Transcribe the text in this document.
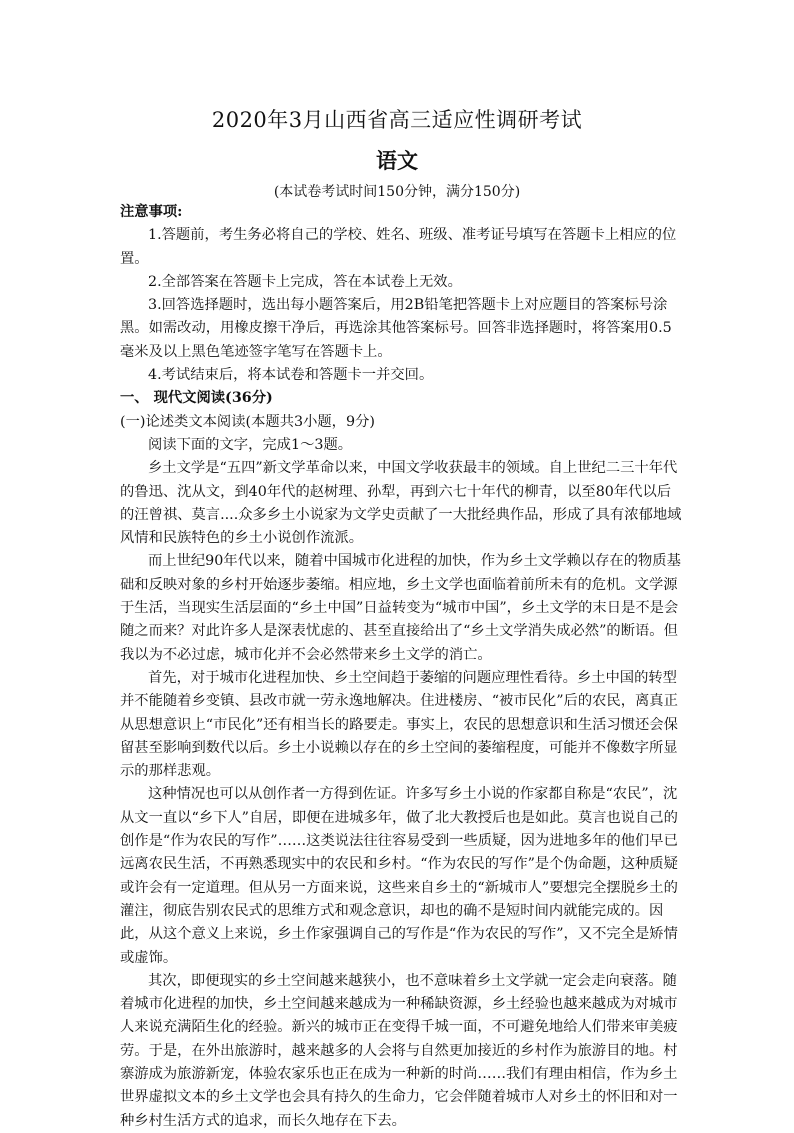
2020年3月山西省高三适应性调研考试
语文
(本试卷考试时间150分钟，满分150分)

注意事项:

1.答题前，考生务必将自己的学校、姓名、班级、准考证号填写在答题卡上相应的位置。

2.全部答案在答题卡上完成，答在本试卷上无效。

3.回答选择题时，选出每小题答案后，用2B铅笔把答题卡上对应题目的答案标号涂黑。如需改动，用橡皮擦干净后，再选涂其他答案标号。回答非选择题时，将答案用0.5毫米及以上黑色笔迹签字笔写在答题卡上。

4.考试结束后，将本试卷和答题卡一并交回。

一、 现代文阅读(36分)

(一)论述类文本阅读(本题共3小题，9分)

阅读下面的文字，完成1～3题。

乡土文学是“五四”新文学革命以来，中国文学收获最丰的领域。自上世纪二三十年代的鲁迅、沈从文，到40年代的赵树理、孙犁，再到六七十年代的柳青，以至80年代以后的汪曾祺、莫言....众多乡土小说家为文学史贡献了一大批经典作品，形成了具有浓郁地域风情和民族特色的乡土小说创作流派。

而上世纪90年代以来，随着中国城市化进程的加快，作为乡土文学赖以存在的物质基础和反映对象的乡村开始逐步萎缩。相应地，乡土文学也面临着前所未有的危机。文学源于生活，当现实生活层面的“乡土中国”日益转变为“城市中国”，乡土文学的末日是不是会随之而来？对此许多人是深表忧虑的、甚至直接给出了“乡土文学消失成必然”的断语。但我以为不必过虑，城市化并不会必然带来乡土文学的消亡。

首先，对于城市化进程加快、乡土空间趋于萎缩的问题应理性看待。乡土中国的转型并不能随着乡变镇、县改市就一劳永逸地解决。住进楼房、“被市民化”后的农民，离真正从思想意识上“市民化”还有相当长的路要走。事实上，农民的思想意识和生活习惯还会保留甚至影响到数代以后。乡土小说赖以存在的乡土空间的萎缩程度，可能并不像数字所显示的那样悲观。

这种情况也可以从创作者一方得到佐证。许多写乡土小说的作家都自称是“农民”，沈从文一直以“乡下人”自居，即便在进城多年，做了北大教授后也是如此。莫言也说自己的创作是“作为农民的写作”……这类说法往往容易受到一些质疑，因为进地多年的他们早已远离农民生活，不再熟悉现实中的农民和乡村。“作为农民的写作”是个伪命题，这种质疑或许会有一定道理。但从另一方面来说，这些来自乡土的“新城市人”要想完全摆脱乡土的灌注，彻底告别农民式的思维方式和观念意识，却也的确不是短时间内就能完成的。因此，从这个意义上来说，乡土作家强调自己的写作是“作为农民的写作”，又不完全是矫情或虚饰。

其次，即便现实的乡土空间越来越狭小，也不意味着乡土文学就一定会走向衰落。随着城市化进程的加快，乡土空间越来越成为一种稀缺资源，乡土经验也越来越成为对城市人来说充满陌生化的经验。新兴的城市正在变得千城一面，不可避免地给人们带来审美疲劳。于是，在外出旅游时，越来越多的人会将与自然更加接近的乡村作为旅游目的地。村寨游成为旅游新宠，体验农家乐也正在成为一种新的时尚……我们有理由相信，作为乡土世界虚拟文本的乡土文学也会具有持久的生命力，它会伴随着城市人对乡土的怀旧和对一种乡村生活方式的追求，而长久地存在下去。
